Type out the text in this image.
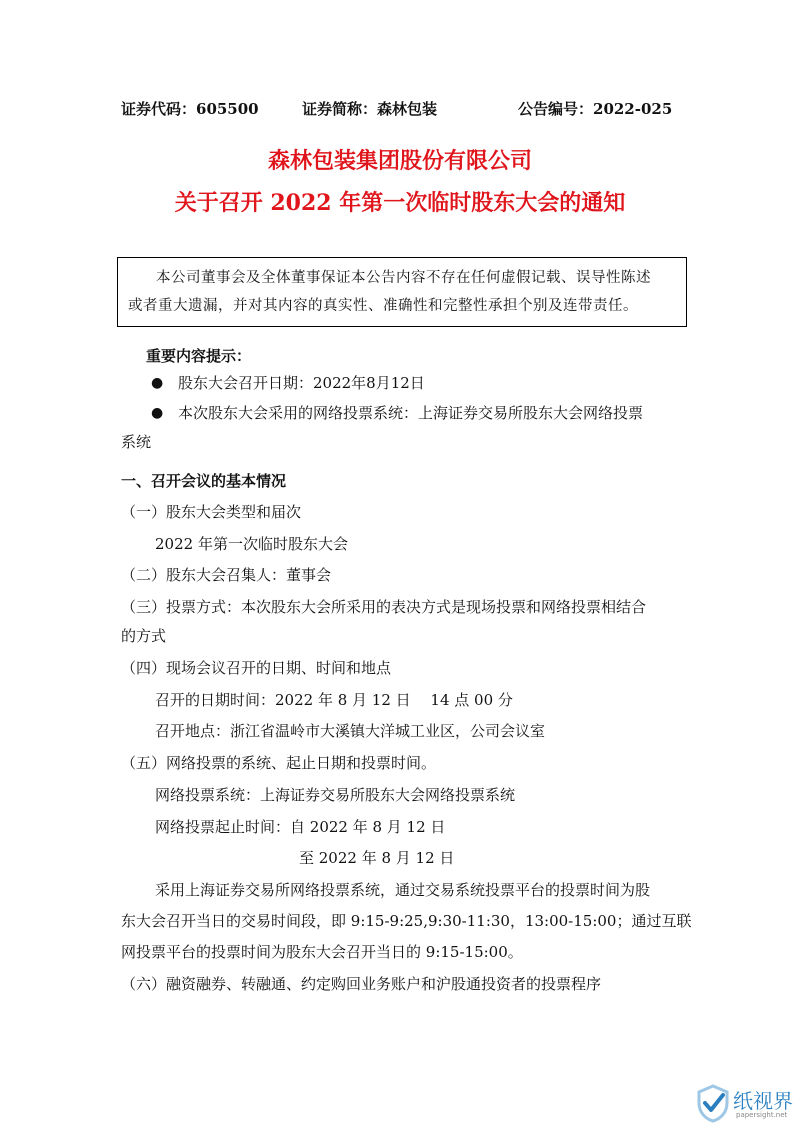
证券代码：605500	证券简称：森林包装	公告编号：2022-025
森林包装集团股份有限公司
关于召开 2022 年第一次临时股东大会的通知
本公司董事会及全体董事保证本公告内容不存在任何虚假记载、误导性陈述
或者重大遗漏，并对其内容的真实性、准确性和完整性承担个别及连带责任。
重要内容提示：
● 股东大会召开日期：2022年8月12日
● 本次股东大会采用的网络投票系统：上海证券交易所股东大会网络投票
系统
一、召开会议的基本情况
（一）股东大会类型和届次
2022 年第一次临时股东大会
（二）股东大会召集人：董事会
（三）投票方式：本次股东大会所采用的表决方式是现场投票和网络投票相结合
的方式
（四）现场会议召开的日期、时间和地点
召开的日期时间：2022 年 8 月 12 日　 14 点 00 分
召开地点：浙江省温岭市大溪镇大洋城工业区，公司会议室
（五）网络投票的系统、起止日期和投票时间。
网络投票系统：上海证券交易所股东大会网络投票系统
网络投票起止时间：自 2022 年 8 月 12 日
至 2022 年 8 月 12 日
采用上海证券交易所网络投票系统，通过交易系统投票平台的投票时间为股
东大会召开当日的交易时间段，即 9:15-9:25,9:30-11:30，13:00-15:00；通过互联
网投票平台的投票时间为股东大会召开当日的 9:15-15:00。
（六）融资融券、转融通、约定购回业务账户和沪股通投资者的投票程序
纸视界
papersight.net
